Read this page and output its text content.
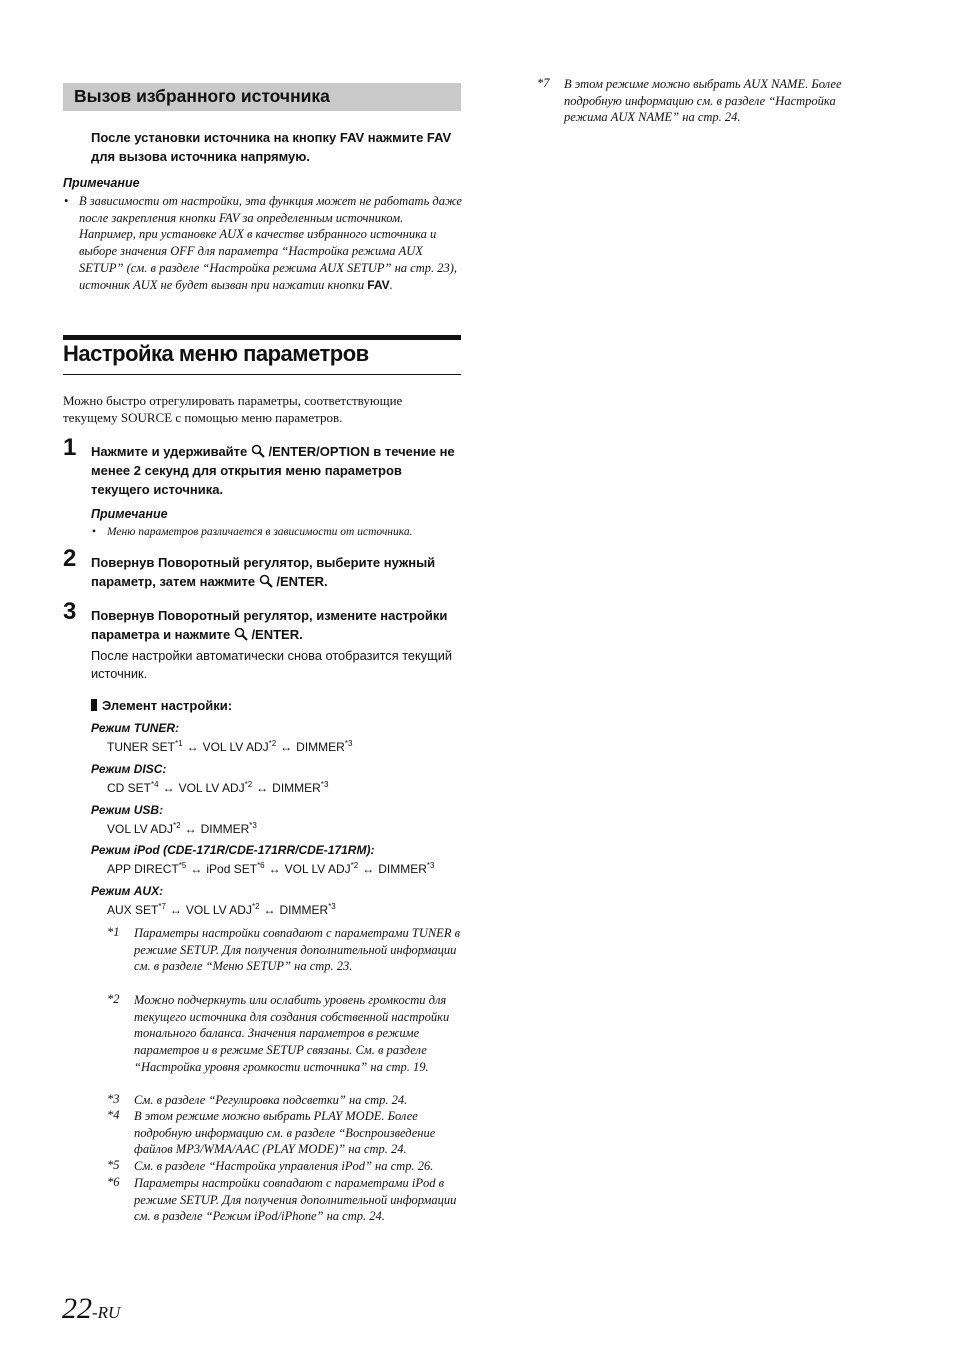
Вызов избранного источника
После установки источника на кнопку FAV нажмите FAV для вызова источника напрямую.
Примечание
• В зависимости от настройки, эта функция может не работать даже после закрепления кнопки FAV за определенным источником. Например, при установке AUX в качестве избранного источника и выборе значения OFF для параметра “Настройка режима AUX SETUP” (см. в разделе “Настройка режима AUX SETUP” на стр. 23), источник AUX не будет вызван при нажатии кнопки FAV.
Настройка меню параметров
Можно быстро отрегулировать параметры, соответствующие текущему SOURCE с помощью меню параметров.
1 Нажмите и удерживайте /ENTER/OPTION в течение не менее 2 секунд для открытия меню параметров текущего источника.
Примечание
• Меню параметров различается в зависимости от источника.
2 Повернув Поворотный регулятор, выберите нужный параметр, затем нажмите /ENTER.
3 Повернув Поворотный регулятор, измените настройки параметра и нажмите /ENTER.
После настройки автоматически снова отобразится текущий источник.
Элемент настройки:
Режим TUNER:
TUNER SET$^{*1}$ ↔ VOL LV ADJ$^{*2}$ ↔ DIMMER$^{*3}$
Режим DISC:
CD SET$^{*4}$ ↔ VOL LV ADJ$^{*2}$ ↔ DIMMER$^{*3}$
Режим USB:
VOL LV ADJ$^{*2}$ ↔ DIMMER$^{*3}$
Режим iPod (CDE-171R/CDE-171RR/CDE-171RM):
APP DIRECT$^{*5}$ ↔ iPod SET$^{*6}$ ↔ VOL LV ADJ$^{*2}$ ↔ DIMMER$^{*3}$
Режим AUX:
AUX SET$^{*7}$ ↔ VOL LV ADJ$^{*2}$ ↔ DIMMER$^{*3}$
*1 Параметры настройки совпадают с параметрами TUNER в режиме SETUP. Для получения дополнительной информации см. в разделе “Меню SETUP” на стр. 23.
*2 Можно подчеркнуть или ослабить уровень громкости для текущего источника для создания собственной настройки тонального баланса. Значения параметров в режиме параметров и в режиме SETUP связаны. См. в разделе “Настройка уровня громкости источника” на стр. 19.
*3 См. в разделе “Регулировка подсветки” на стр. 24.
*4 В этом режиме можно выбрать PLAY MODE. Более подробную информацию см. в разделе “Воспроизведение файлов MP3/WMA/AAC (PLAY MODE)” на стр. 24.
*5 См. в разделе “Настройка управления iPod” на стр. 26.
*6 Параметры настройки совпадают с параметрами iPod в режиме SETUP. Для получения дополнительной информации см. в разделе “Режим iPod/iPhone” на стр. 24.
*7 В этом режиме можно выбрать AUX NAME. Более подробную информацию см. в разделе “Настройка режима AUX NAME” на стр. 24.
22-RU
